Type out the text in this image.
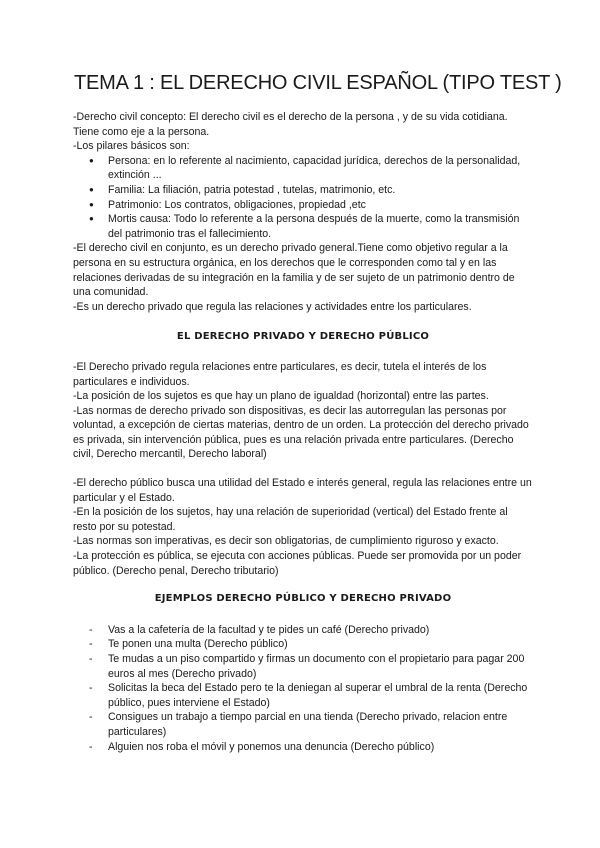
TEMA 1 : EL DERECHO CIVIL ESPAÑOL (TIPO TEST )

-Derecho civil concepto: El derecho civil es el derecho de la persona , y de su vida cotidiana.

Tiene como eje a la persona.

-Los pilares básicos son:

● Persona: en lo referente al nacimiento, capacidad jurídica, derechos de la personalidad, extinción ...
● Familia: La filiación, patria potestad , tutelas, matrimonio, etc.
● Patrimonio: Los contratos, obligaciones, propiedad ,etc
● Mortis causa: Todo lo referente a la persona después de la muerte, como la transmisión del patrimonio tras el fallecimiento.

-El derecho civil en conjunto, es un derecho privado general.Tiene como objetivo regular a la persona en su estructura orgánica, en los derechos que le corresponden como tal y en las relaciones derivadas de su integración en la familia y de ser sujeto de un patrimonio dentro de una comunidad.

-Es un derecho privado que regula las relaciones y actividades entre los particulares.

EL DERECHO PRIVADO Y DERECHO PÚBLICO

-El Derecho privado regula relaciones entre particulares, es decir, tutela el interés de los particulares e individuos.

-La posición de los sujetos es que hay un plano de igualdad (horizontal) entre las partes.

-Las normas de derecho privado son dispositivas, es decir las autorregulan las personas por voluntad, a excepción de ciertas materias, dentro de un orden. La protección del derecho privado es privada, sin intervención pública, pues es una relación privada entre particulares. (Derecho civil, Derecho mercantil, Derecho laboral)

-El derecho público busca una utilidad del Estado e interés general, regula las relaciones entre un particular y el Estado.

-En la posición de los sujetos, hay una relación de superioridad (vertical) del Estado frente al resto por su potestad.

-Las normas son imperativas, es decir son obligatorias, de cumplimiento riguroso y exacto.

-La protección es pública, se ejecuta con acciones públicas. Puede ser promovida por un poder público. (Derecho penal, Derecho tributario)

EJEMPLOS DERECHO PÚBLICO Y DERECHO PRIVADO
- Vas a la cafetería de la facultad y te pides un café (Derecho privado)
- Te ponen una multa (Derecho público)
- Te mudas a un piso compartido y firmas un documento con el propietario para pagar 200 euros al mes (Derecho privado)
- Solicitas la beca del Estado pero te la deniegan al superar el umbral de la renta (Derecho público, pues interviene el Estado)
- Consigues un trabajo a tiempo parcial en una tienda (Derecho privado, relacion entre particulares)
- Alguien nos roba el móvil y ponemos una denuncia (Derecho público)
